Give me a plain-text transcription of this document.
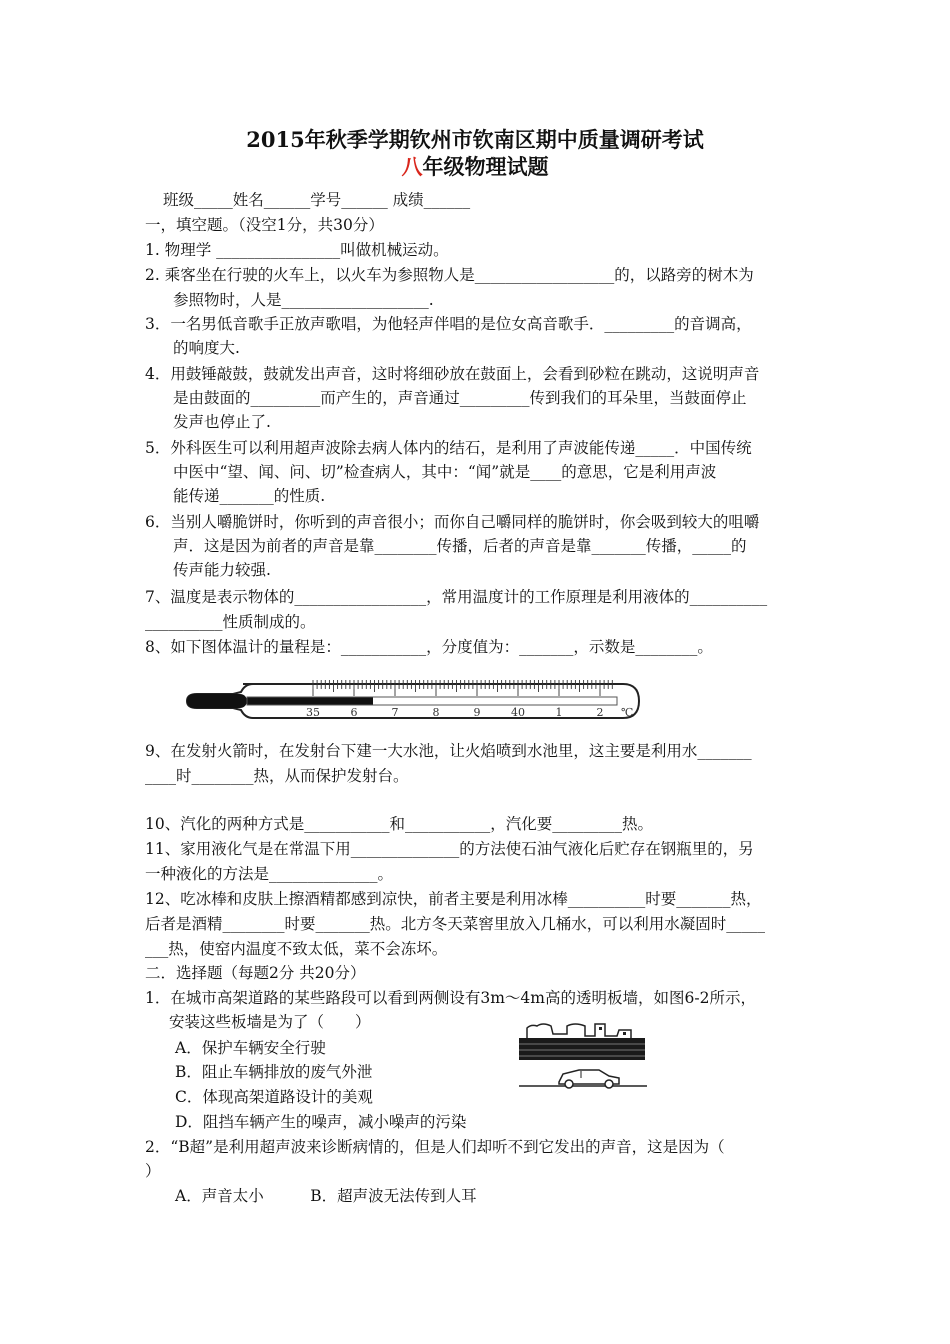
2015年秋季学期钦州市钦南区期中质量调研考试
八年级物理试题
班级_____姓名______学号______ 成绩______
一，填空题。（没空1分，共30分）
1. 物理学 ________________叫做机械运动。
2. 乘客坐在行驶的火车上，以火车为参照物人是__________________的，以路旁的树木为
参照物时，人是___________________.
3．一名男低音歌手正放声歌唱，为他轻声伴唱的是位女高音歌手．_________的音调高，
的响度大.
4．用鼓锤敲鼓，鼓就发出声音，这时将细砂放在鼓面上，会看到砂粒在跳动，这说明声音
是由鼓面的_________而产生的，声音通过_________传到我们的耳朵里，当鼓面停止
发声也停止了.
5．外科医生可以利用超声波除去病人体内的结石，是利用了声波能传递_____．中国传统
中医中“望、闻、问、切”检查病人，其中：“闻”就是____的意思，它是利用声波
能传递_______的性质.
6．当别人嚼脆饼时，你听到的声音很小；而你自己嚼同样的脆饼时，你会吸到较大的咀嚼
声．这是因为前者的声音是靠________传播，后者的声音是靠_______传播，_____的
传声能力较强.
7、温度是表示物体的_________________，常用温度计的工作原理是利用液体的__________
__________性质制成的。
8、如下图体温计的量程是：___________，分度值为：_______，示数是________。
35	6	7	8	9	40	1	2 ℃
9、在发射火箭时，在发射台下建一大水池，让火焰喷到水池里，这主要是利用水_______
____时________热，从而保护发射台。
10、汽化的两种方式是___________和___________，汽化要_________热。
11、家用液化气是在常温下用______________的方法使石油气液化后贮存在钢瓶里的，另
一种液化的方法是______________。
12、吃冰棒和皮肤上擦酒精都感到凉快，前者主要是利用冰棒__________时要_______热，
后者是酒精________时要_______热。北方冬天菜窖里放入几桶水，可以利用水凝固时_____
___热，使窑内温度不致太低，菜不会冻坏。
二．选择题（每题2分 共20分）
1．在城市高架道路的某些路段可以看到两侧设有3m～4m高的透明板墙，如图6-2所示，
安装这些板墙是为了（　　）
A．保护车辆安全行驶
B．阻止车辆排放的废气外泄
C．体现高架道路设计的美观
D．阻挡车辆产生的噪声，减小噪声的污染
2．“B超”是利用超声波来诊断病情的，但是人们却听不到它发出的声音，这是因为（
）
A．声音太小　　　B．超声波无法传到人耳
